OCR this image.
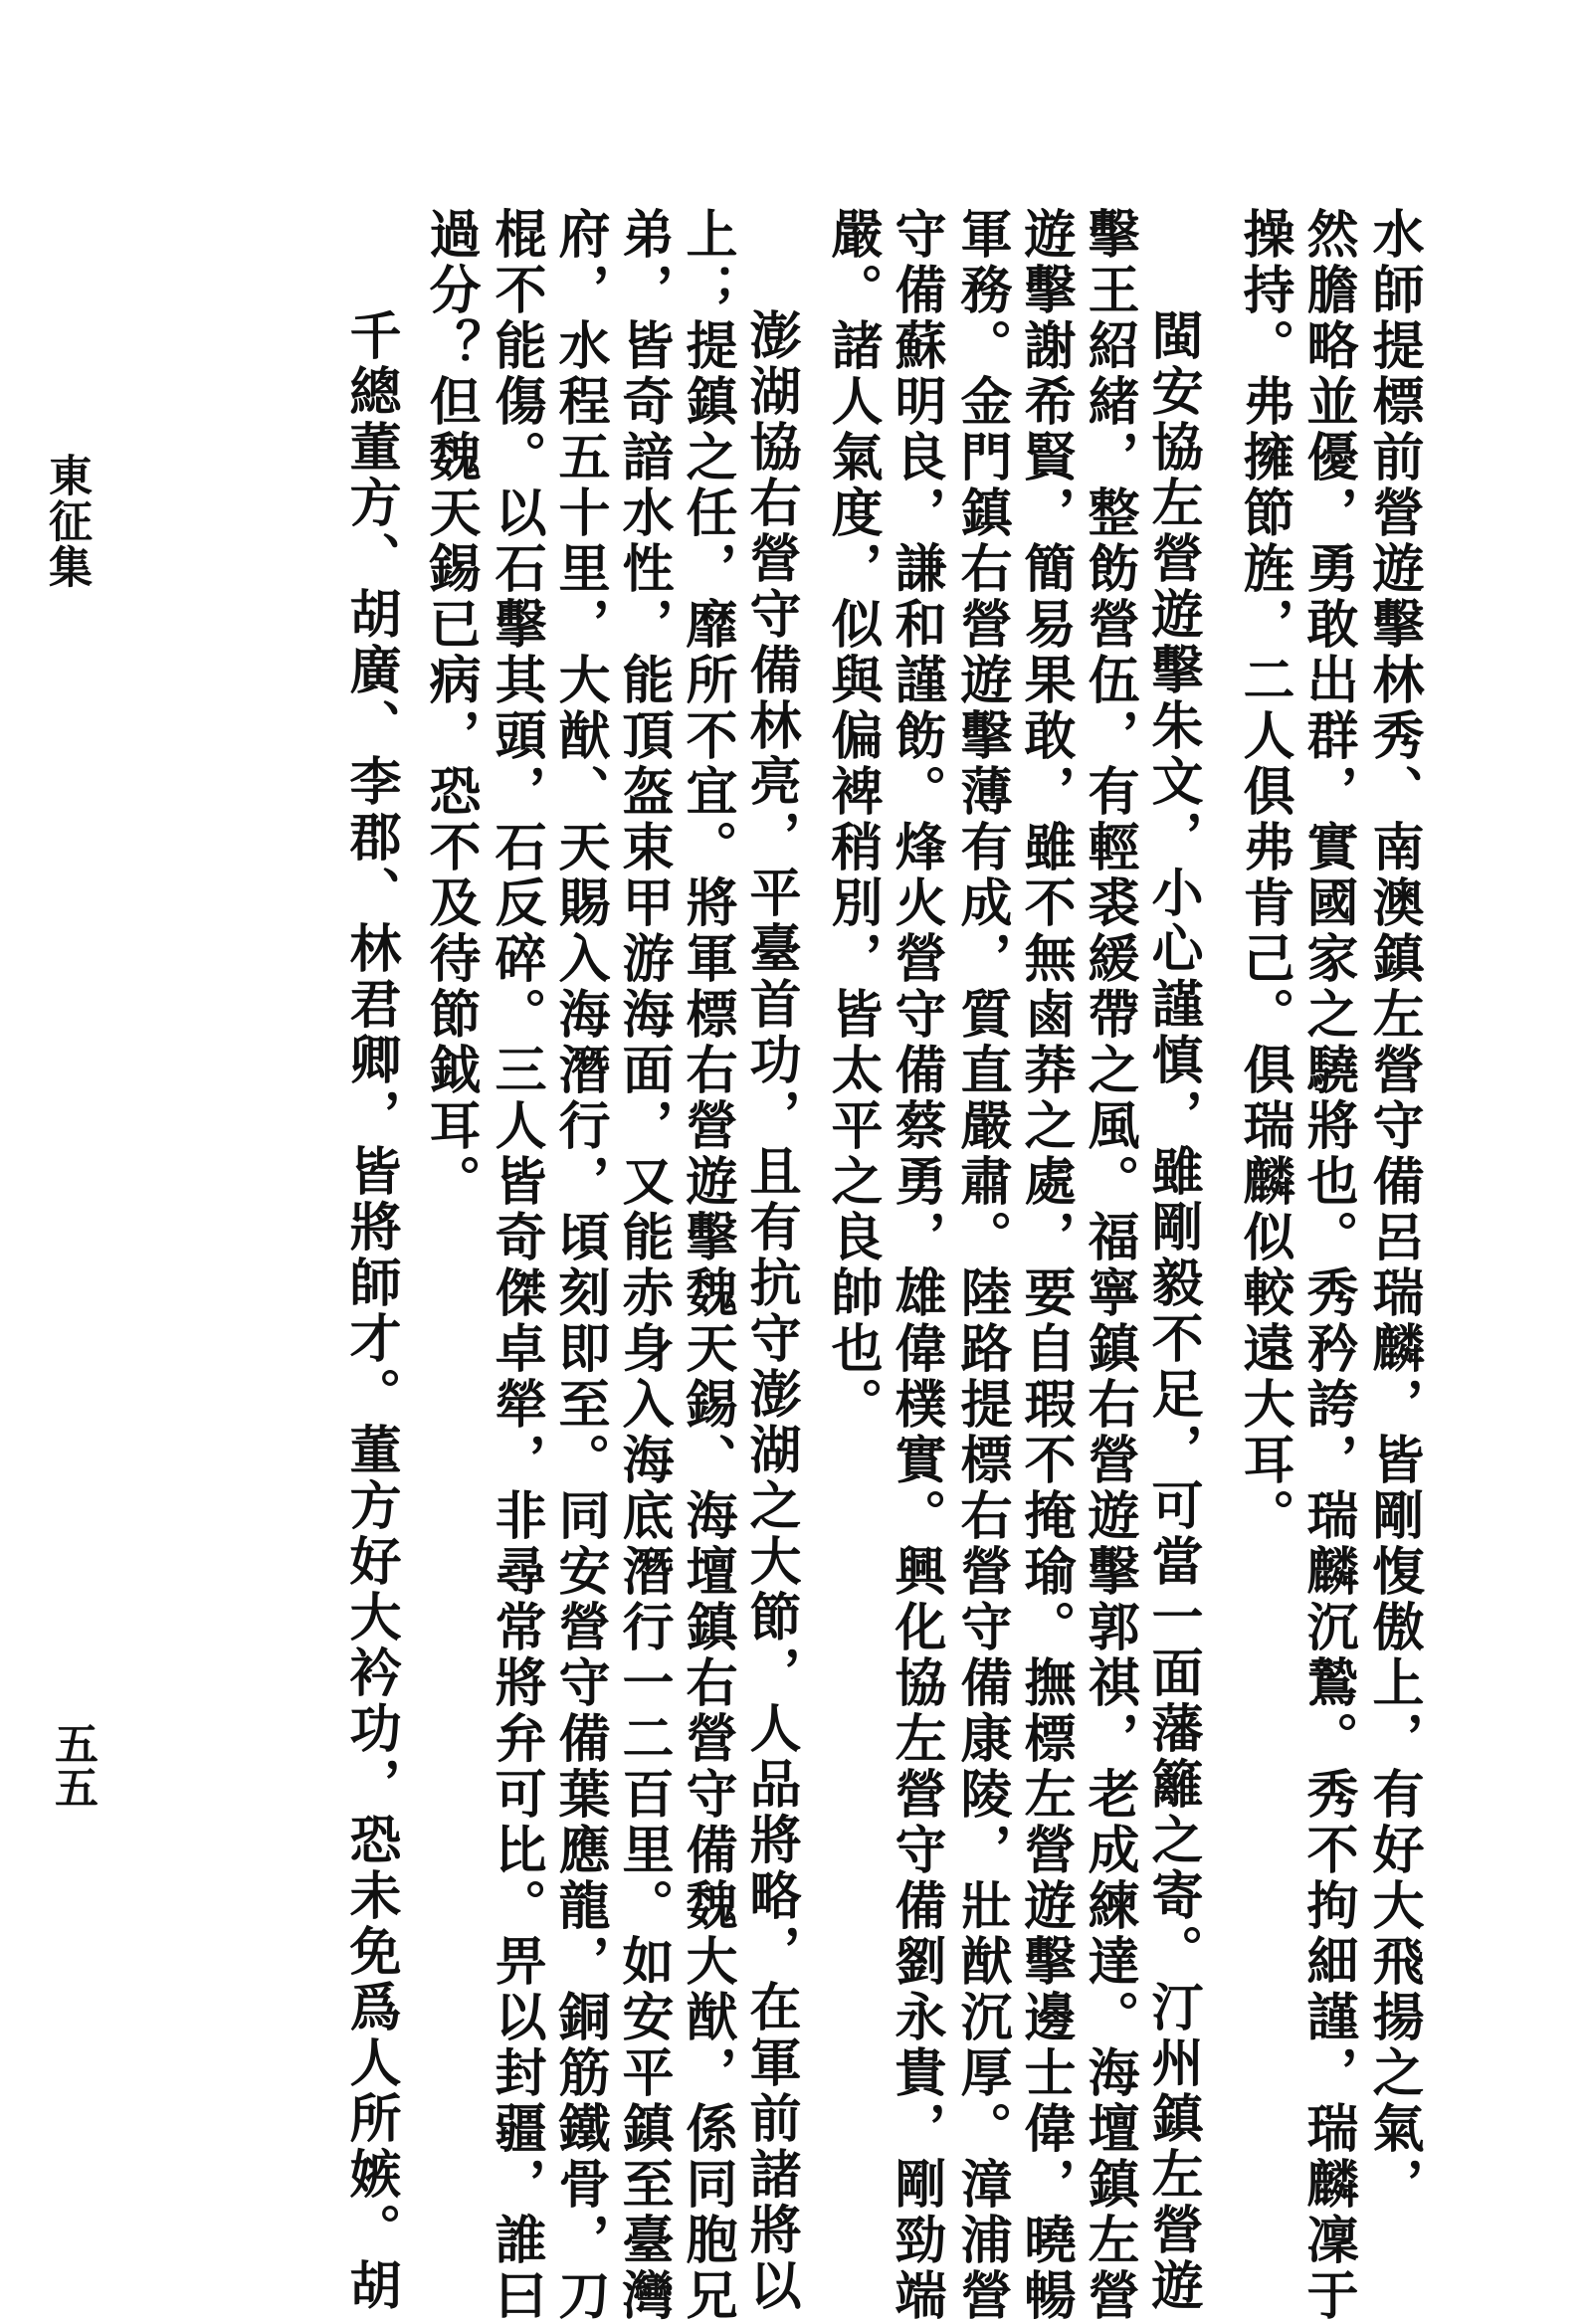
水師提標前營遊擊林秀、南澳鎮左營守備呂瑞麟，皆剛愎傲上，有好大飛揚之氣，
然膽略並優，勇敢出群，實國家之驍將也。秀矜誇，瑞麟沉鷙。秀不拘細謹，瑞麟凜于
操持。弗擁節旌，二人俱弗肯己。俱瑞麟似較遠大耳。
閩安協左營遊擊朱文，小心謹慎，雖剛毅不足，可當一面藩籬之寄。汀州鎮左營遊
擊王紹緒，整飭營伍，有輕裘緩帶之風。福寧鎮右營遊擊郭祺，老成練達。海壇鎮左營
遊擊謝希賢，簡易果敢，雖不無鹵莽之處，要自瑕不掩瑜。撫標左營遊擊邊士偉，曉暢
軍務。金門鎮右營遊擊薄有成，質直嚴肅。陸路提標右營守備康陵，壯猷沉厚。漳浦營
守備蘇明良，謙和謹飭。烽火營守備蔡勇，雄偉樸實。興化協左營守備劉永貴，剛勁端
嚴。諸人氣度，似與偏裨稍別，皆太平之良帥也。
澎湖協右營守備林亮，平臺首功，且有抗守澎湖之大節，人品將略，在軍前諸將以
上；提鎮之任，靡所不宜。將軍標右營遊擊魏天錫、海壇鎮右營守備魏大猷，係同胞兄
弟，皆奇諳水性，能頂盔束甲游海面，又能赤身入海底潛行一二百里。如安平鎮至臺灣
府，水程五十里，大猷、天賜入海潛行，頃刻即至。同安營守備葉應龍，銅筋鐵骨，刀
棍不能傷。以石擊其頭，石反碎。三人皆奇傑卓犖，非尋常將弁可比。畀以封疆，誰曰
過分？但魏天錫已病，恐不及待節鉞耳。
千總董方、胡廣、李郡、林君卿，皆將師才。董方好大衿功，恐未免爲人所嫉。胡
東征集
五五
